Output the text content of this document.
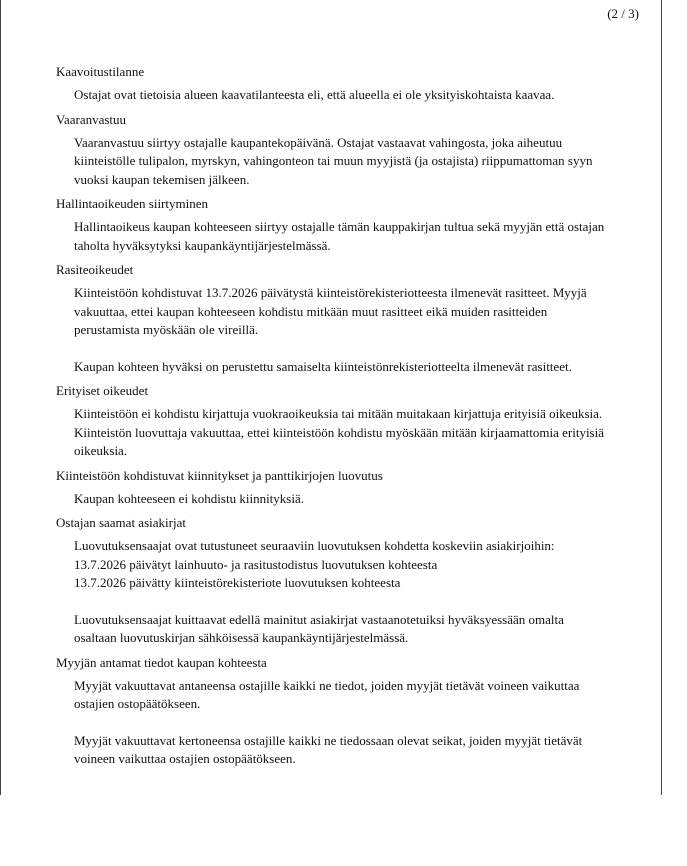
(2 / 3)
Kaavoitustilanne

Ostajat ovat tietoisia alueen kaavatilanteesta eli, että alueella ei ole yksityiskohtaista kaavaa.

Vaaranvastuu

Vaaranvastuu siirtyy ostajalle kaupantekopäivänä. Ostajat vastaavat vahingosta, joka aiheutuu
kiinteistölle tulipalon, myrskyn, vahingonteon tai muun myyjistä (ja ostajista) riippumattoman syyn
vuoksi kaupan tekemisen jälkeen.

Hallintaoikeuden siirtyminen

Hallintaoikeus kaupan kohteeseen siirtyy ostajalle tämän kauppakirjan tultua sekä myyjän että ostajan
taholta hyväksytyksi kaupankäyntijärjestelmässä.

Rasiteoikeudet

Kiinteistöön kohdistuvat 13.7.2026 päivätystä kiinteistörekisteriotteesta ilmenevät rasitteet. Myyjä
vakuuttaa, ettei kaupan kohteeseen kohdistu mitkään muut rasitteet eikä muiden rasitteiden
perustamista myöskään ole vireillä.

Kaupan kohteen hyväksi on perustettu samaiselta kiinteistönrekisteriotteelta ilmenevät rasitteet.

Erityiset oikeudet

Kiinteistöön ei kohdistu kirjattuja vuokraoikeuksia tai mitään muitakaan kirjattuja erityisiä oikeuksia.
Kiinteistön luovuttaja vakuuttaa, ettei kiinteistöön kohdistu myöskään mitään kirjaamattomia erityisiä
oikeuksia.

Kiinteistöön kohdistuvat kiinnitykset ja panttikirjojen luovutus

Kaupan kohteeseen ei kohdistu kiinnityksiä.

Ostajan saamat asiakirjat

Luovutuksensaajat ovat tutustuneet seuraaviin luovutuksen kohdetta koskeviin asiakirjoihin:
13.7.2026 päivätyt lainhuuto- ja rasitustodistus luovutuksen kohteesta
13.7.2026 päivätty kiinteistörekisteriote luovutuksen kohteesta

Luovutuksensaajat kuittaavat edellä mainitut asiakirjat vastaanotetuiksi hyväksyessään omalta
osaltaan luovutuskirjan sähköisessä kaupankäyntijärjestelmässä.

Myyjän antamat tiedot kaupan kohteesta

Myyjät vakuuttavat antaneensa ostajille kaikki ne tiedot, joiden myyjät tietävät voineen vaikuttaa
ostajien ostopäätökseen.

Myyjät vakuuttavat kertoneensa ostajille kaikki ne tiedossaan olevat seikat, joiden myyjät tietävät
voineen vaikuttaa ostajien ostopäätökseen.
